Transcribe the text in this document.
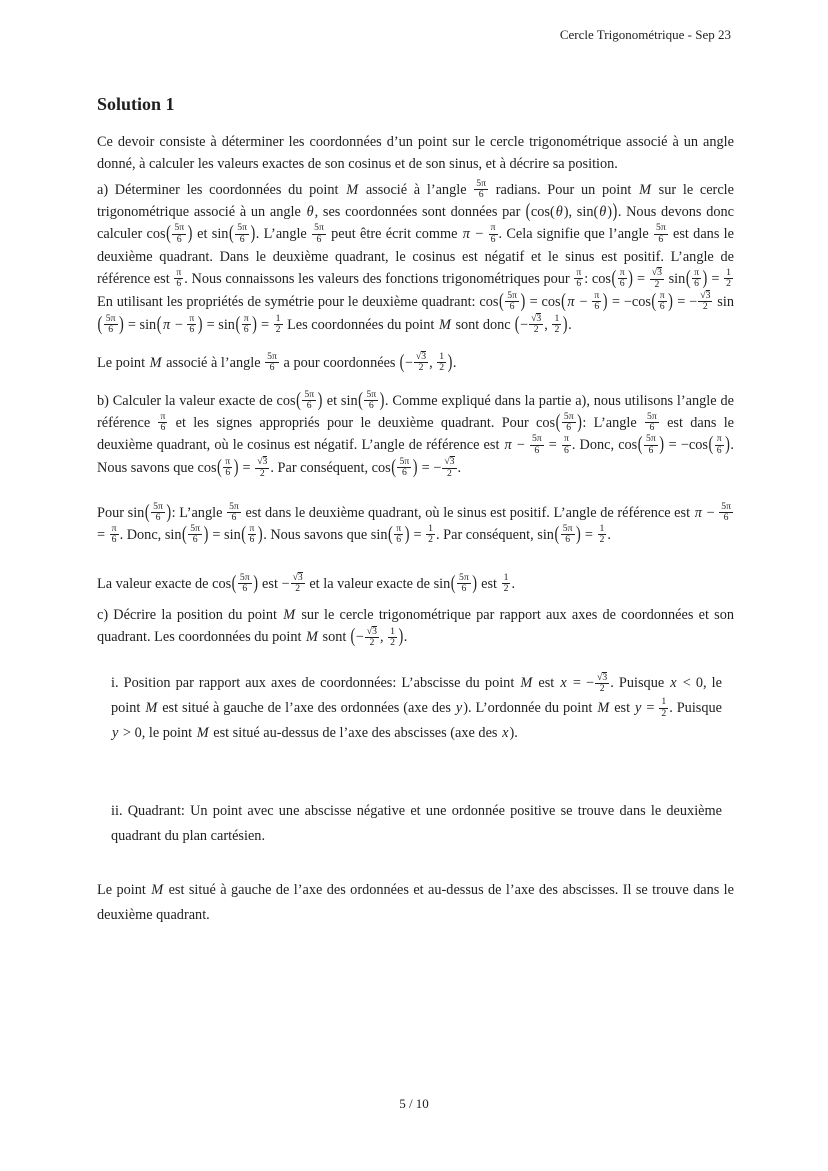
Cercle Trigonométrique - Sep 23
Solution 1

Ce devoir consiste à déterminer les coordonnées d’un point sur le cercle trigonométrique associé à un angle donné, à calculer les valeurs exactes de son cosinus et de son sinus, et à décrire sa position.

a) Déterminer les coordonnées du point M associé à l’angle $\frac{5\pi}{6}$ radians. Pour un point M sur le cercle trigonométrique associé à un angle θ, ses coordonnées sont données par (cos(θ), sin(θ)). Nous devons donc calculer $\cos( \frac{5\pi}{6}$ ) et $\sin( \frac{5\pi}{6}$ ). L’angle $\frac{5\pi}{6}$ peut être écrit comme $\pi - \frac{\pi}{6}$ . Cela signifie que l’angle $\frac{5\pi}{6}$ est dans le deuxième quadrant. Dans le deuxième quadrant, le cosinus est négatif et le sinus est positif. L’angle de référence est $\frac{\pi}{6}$ . Nous connaissons les valeurs des fonctions trigonométriques pour $\frac{\pi}{6}$ : $\cos( \frac{\pi}{6}$ ) = $\frac{√ 3}{2} \sin( \frac{\pi}{6}$ ) = $\frac{1}{2}$
En utilisant les propriétés de symétrie pour le deuxième quadrant: $\cos( \frac{5\pi}{6}$ ) = cos( $\pi - \frac{\pi}{6}$ ) = $-\cos( \frac{\pi}{6}$ ) = − $\frac{√ 3}{2} \sin( \frac{5\pi}{6}$ ) = sin( $\pi - \frac{\pi}{6}$ ) = $\sin( \frac{\pi}{6}$ ) = $\frac{1}{2}$ Les coordonnées du point M sont donc (− $\frac{√ 3}{2}$ , $\frac{1}{2}$ ).

Le point M associé à l’angle $\frac{5\pi}{6}$ a pour coordonnées (− $\frac{√ 3}{2}$ , $\frac{1}{2}$ ).

b) Calculer la valeur exacte de $\cos( \frac{5\pi}{6}$ ) et $\sin( \frac{5\pi}{6}$ ). Comme expliqué dans la partie a), nous utilisons l’angle de référence $\frac{\pi}{6}$ et les signes appropriés pour le deuxième quadrant. Pour $\cos( \frac{5\pi}{6}$ ): L’angle $\frac{5\pi}{6}$ est dans le deuxième quadrant, où le cosinus est négatif. L’angle de référence est $\pi - \frac{5\pi}{6} = \frac{\pi}{6}$ . Donc, $\cos( \frac{5\pi}{6}$ ) = $-\cos( \frac{\pi}{6}$ ). Nous savons que $\cos( \frac{\pi}{6}$ ) = $\frac{√ 3}{2}$ . Par conséquent, $\cos( \frac{5\pi}{6}$ ) = − $\frac{√ 3}{2}$ .

Pour $\sin( \frac{5\pi}{6}$ ): L’angle $\frac{5\pi}{6}$ est dans le deuxième quadrant, où le sinus est positif. L’angle de référence est $\pi - \frac{5\pi}{6}$
= $\frac{\pi}{6}$ . Donc, $\sin( \frac{5\pi}{6}$ ) = $\sin( \frac{\pi}{6}$ ). Nous savons que $\sin( \frac{\pi}{6}$ ) = $\frac{1}{2}$ . Par conséquent, $\sin( \frac{5\pi}{6}$ ) = $\frac{1}{2}$ .

La valeur exacte de $\cos( \frac{5\pi}{6}$ ) est − $\frac{√ 3}{2}$ et la valeur exacte de $\sin( \frac{5\pi}{6}$ ) est $\frac{1}{2}$ .

c) Décrire la position du point M sur le cercle trigonométrique par rapport aux axes de coordonnées et son quadrant. Les coordonnées du point M sont (− $\frac{√ 3}{2}$ , $\frac{1}{2}$ ).

i. Position par rapport aux axes de coordonnées: L’abscisse du point M est x = − $\frac{√ 3}{2}$ . Puisque x < 0, le point M est situé à gauche de l’axe des ordonnées (axe des y). L’ordonnée du point M est $y = \frac{1}{2}$ . Puisque y > 0, le point M est situé au-dessus de l’axe des abscisses (axe des x).

ii. Quadrant: Un point avec une abscisse négative et une ordonnée positive se trouve dans le deuxième quadrant du plan cartésien.

Le point M est situé à gauche de l’axe des ordonnées et au-dessus de l’axe des abscisses. Il se trouve dans le deuxième quadrant.

5 / 10
